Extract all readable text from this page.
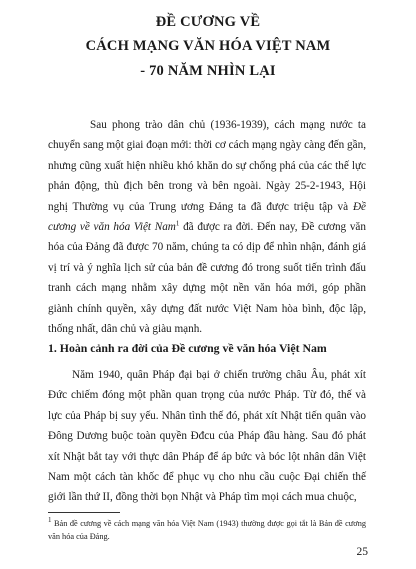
ĐỀ CƯƠNG VỀ
CÁCH MẠNG VĂN HÓA VIỆT NAM
- 70 NĂM NHÌN LẠI

Sau phong trào dân chủ (1936-1939), cách mạng nước ta chuyển sang một giai đoạn mới: thời cơ cách mạng ngày càng đến gần, nhưng cũng xuất hiện nhiều khó khăn do sự chống phá của các thế lực phản động, thù địch bên trong và bên ngoài. Ngày 25-2-1943, Hội nghị Thường vụ của Trung ương Đảng ta đã được triệu tập và Đề cương về văn hóa Việt Nam$^1$ đã được ra đời. Đến nay, Đề cương văn hóa của Đảng đã được 70 năm, chúng ta có dịp để nhìn nhận, đánh giá vị trí và ý nghĩa lịch sử của bản đề cương đó trong suốt tiến trình đấu tranh cách mạng nhằm xây dựng một nền văn hóa mới, góp phần giành chính quyền, xây dựng đất nước Việt Nam hòa bình, độc lập, thống nhất, dân chủ và giàu mạnh.

1. Hoàn cảnh ra đời của Đề cương về văn hóa Việt Nam

Năm 1940, quân Pháp đại bại ở chiến trường châu Âu, phát xít Đức chiếm đóng một phần quan trọng của nước Pháp. Từ đó, thế và lực của Pháp bị suy yếu. Nhân tình thế đó, phát xít Nhật tiến quân vào Đông Dương buộc toàn quyền Đđcu của Pháp đầu hàng. Sau đó phát xít Nhật bắt tay với thực dân Pháp để áp bức và bóc lột nhân dân Việt Nam một cách tàn khốc để phục vụ cho nhu cầu cuộc Đại chiến thế giới lần thứ II, đồng thời bọn Nhật và Pháp tìm mọi cách mua chuộc,

$^1$ Bản đề cương về cách mạng văn hóa Việt Nam (1943) thường được gọi tắt là Bản đề cương văn hóa của Đảng.

25
